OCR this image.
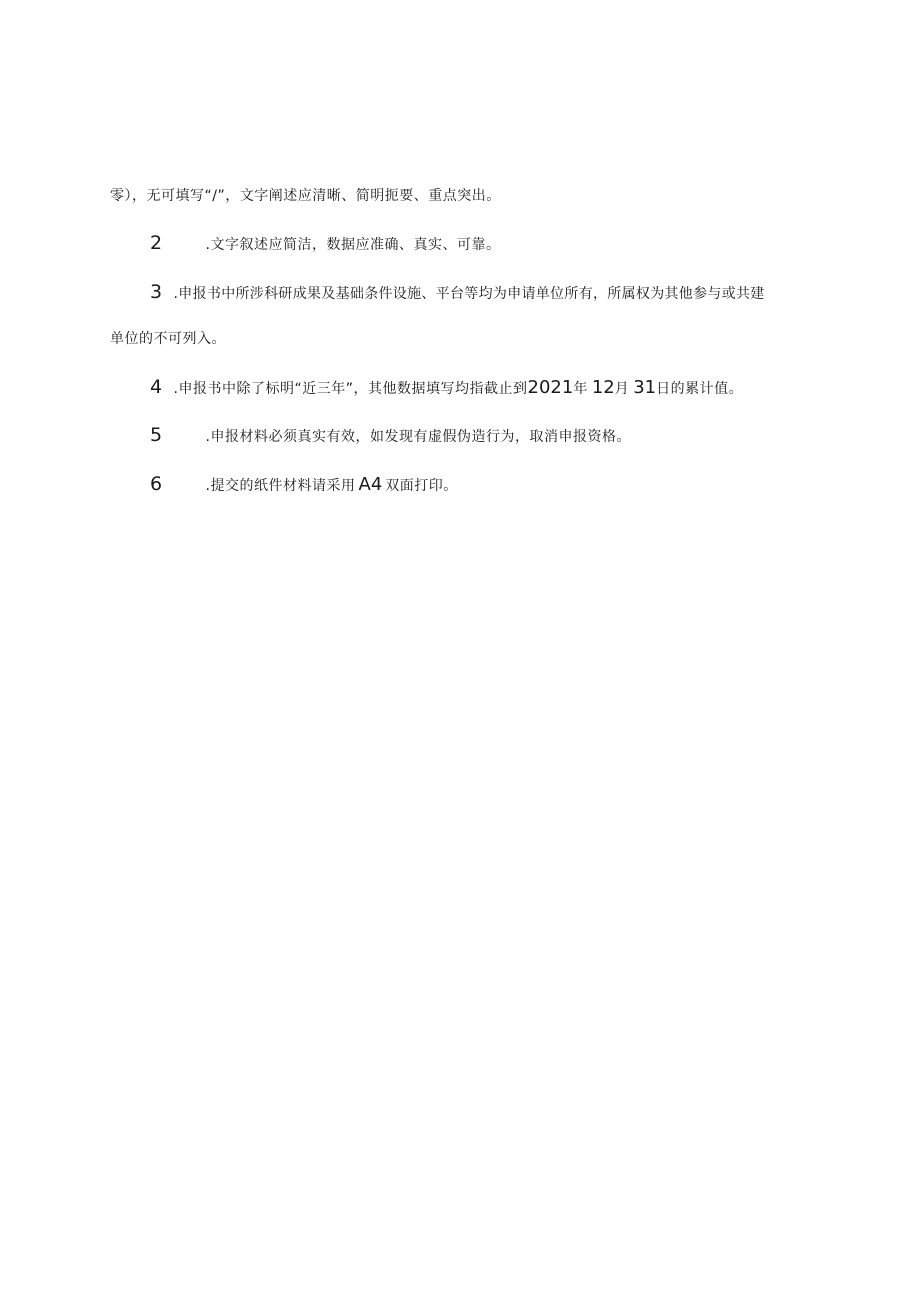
零），无可填写“/”，文字阐述应清晰、简明扼要、重点突出。
2	.文字叙述应简洁，数据应准确、真实、可靠。
3 .申报书中所涉科研成果及基础条件设施、平台等均为申请单位所有，所属权为其他参与或共建
单位的不可列入。
4 .申报书中除了标明“近三年”，其他数据填写均指截止到2021年 12月 31日的累计值。
5	.申报材料必须真实有效，如发现有虚假伪造行为，取消申报资格。
6	.提交的纸件材料请采用 A4 双面打印。
